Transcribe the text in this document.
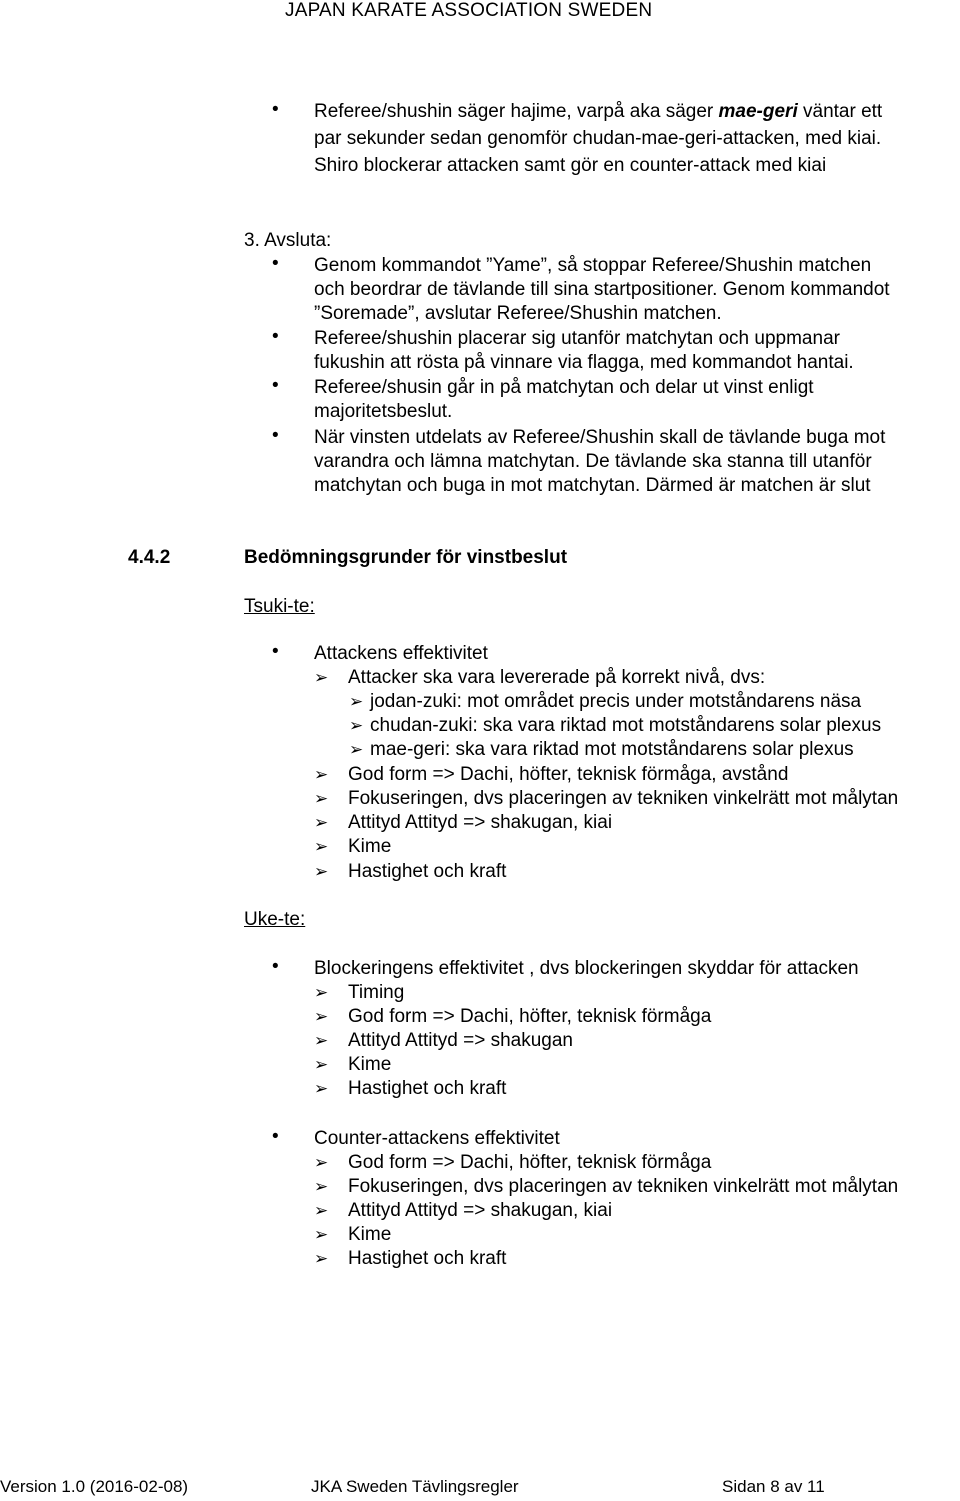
JAPAN KARATE ASSOCIATION SWEDEN
• Referee/shushin säger hajime, varpå aka säger mae-geri väntar ett
par sekunder sedan genomför chudan-mae-geri-attacken, med kiai.
Shiro blockerar attacken samt gör en counter-attack med kiai
3. Avsluta:
• Genom kommandot ”Yame”, så stoppar Referee/Shushin matchen
och beordrar de tävlande till sina startpositioner. Genom kommandot
”Soremade”, avslutar Referee/Shushin matchen.
• Referee/shushin placerar sig utanför matchytan och uppmanar
fukushin att rösta på vinnare via flagga, med kommandot hantai.
• Referee/shusin går in på matchytan och delar ut vinst enligt
majoritetsbeslut.
• När vinsten utdelats av Referee/Shushin skall de tävlande buga mot
varandra och lämna matchytan. De tävlande ska stanna till utanför
matchytan och buga in mot matchytan. Därmed är matchen är slut
4.4.2	Bedömningsgrunder för vinstbeslut
Tsuki-te:
• Attackens effektivitet
➢ Attacker ska vara levererade på korrekt nivå, dvs:
➢ jodan-zuki: mot området precis under motståndarens näsa
➢ chudan-zuki: ska vara riktad mot motståndarens solar plexus
➢ mae-geri: ska vara riktad mot motståndarens solar plexus
➢ God form => Dachi, höfter, teknisk förmåga, avstånd
➢ Fokuseringen, dvs placeringen av tekniken vinkelrätt mot målytan
➢ Attityd Attityd => shakugan, kiai
➢ Kime
➢ Hastighet och kraft
Uke-te:
• Blockeringens effektivitet , dvs blockeringen skyddar för attacken
➢ Timing
➢ God form => Dachi, höfter, teknisk förmåga
➢ Attityd Attityd => shakugan
➢ Kime
➢ Hastighet och kraft
• Counter-attackens effektivitet
➢ God form => Dachi, höfter, teknisk förmåga
➢ Fokuseringen, dvs placeringen av tekniken vinkelrätt mot målytan
➢ Attityd Attityd => shakugan, kiai
➢ Kime
➢ Hastighet och kraft
Version 1.0 (2016-02-08)	JKA Sweden Tävlingsregler	Sidan 8 av 11
